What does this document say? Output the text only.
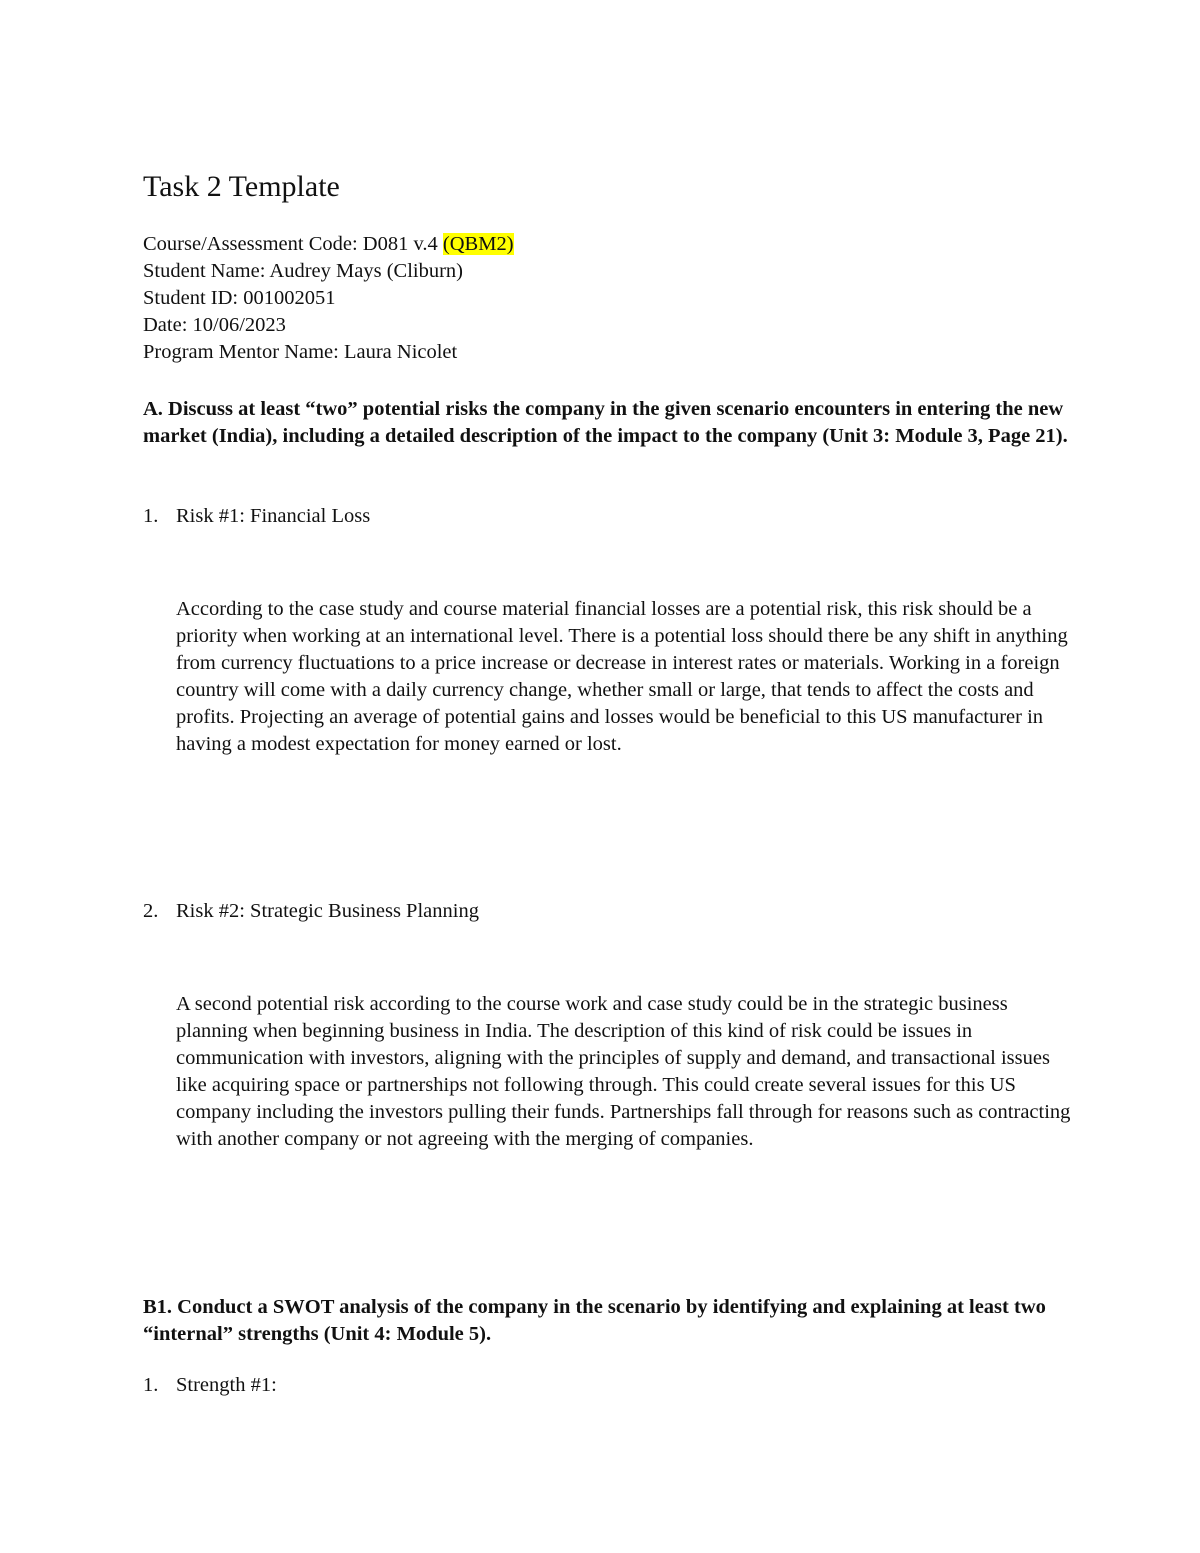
Task 2 Template
Course/Assessment Code: D081 v.4 (QBM2)
Student Name: Audrey Mays (Cliburn)
Student ID: 001002051
Date: 10/06/2023
Program Mentor Name: Laura Nicolet
A. Discuss at least “two” potential risks the company in the given scenario encounters in entering the new market (India), including a detailed description of the impact to the company (Unit 3: Module 3, Page 21).
1. Risk #1: Financial Loss
According to the case study and course material financial losses are a potential risk, this risk should be a priority when working at an international level. There is a potential loss should there be any shift in anything from currency fluctuations to a price increase or decrease in interest rates or materials. Working in a foreign country will come with a daily currency change, whether small or large, that tends to affect the costs and profits. Projecting an average of potential gains and losses would be beneficial to this US manufacturer in having a modest expectation for money earned or lost.
2. Risk #2: Strategic Business Planning
A second potential risk according to the course work and case study could be in the strategic business planning when beginning business in India. The description of this kind of risk could be issues in communication with investors, aligning with the principles of supply and demand, and transactional issues like acquiring space or partnerships not following through. This could create several issues for this US company including the investors pulling their funds. Partnerships fall through for reasons such as contracting with another company or not agreeing with the merging of companies.
B1. Conduct a SWOT analysis of the company in the scenario by identifying and explaining at least two “internal” strengths (Unit 4: Module 5).
1. Strength #1:
